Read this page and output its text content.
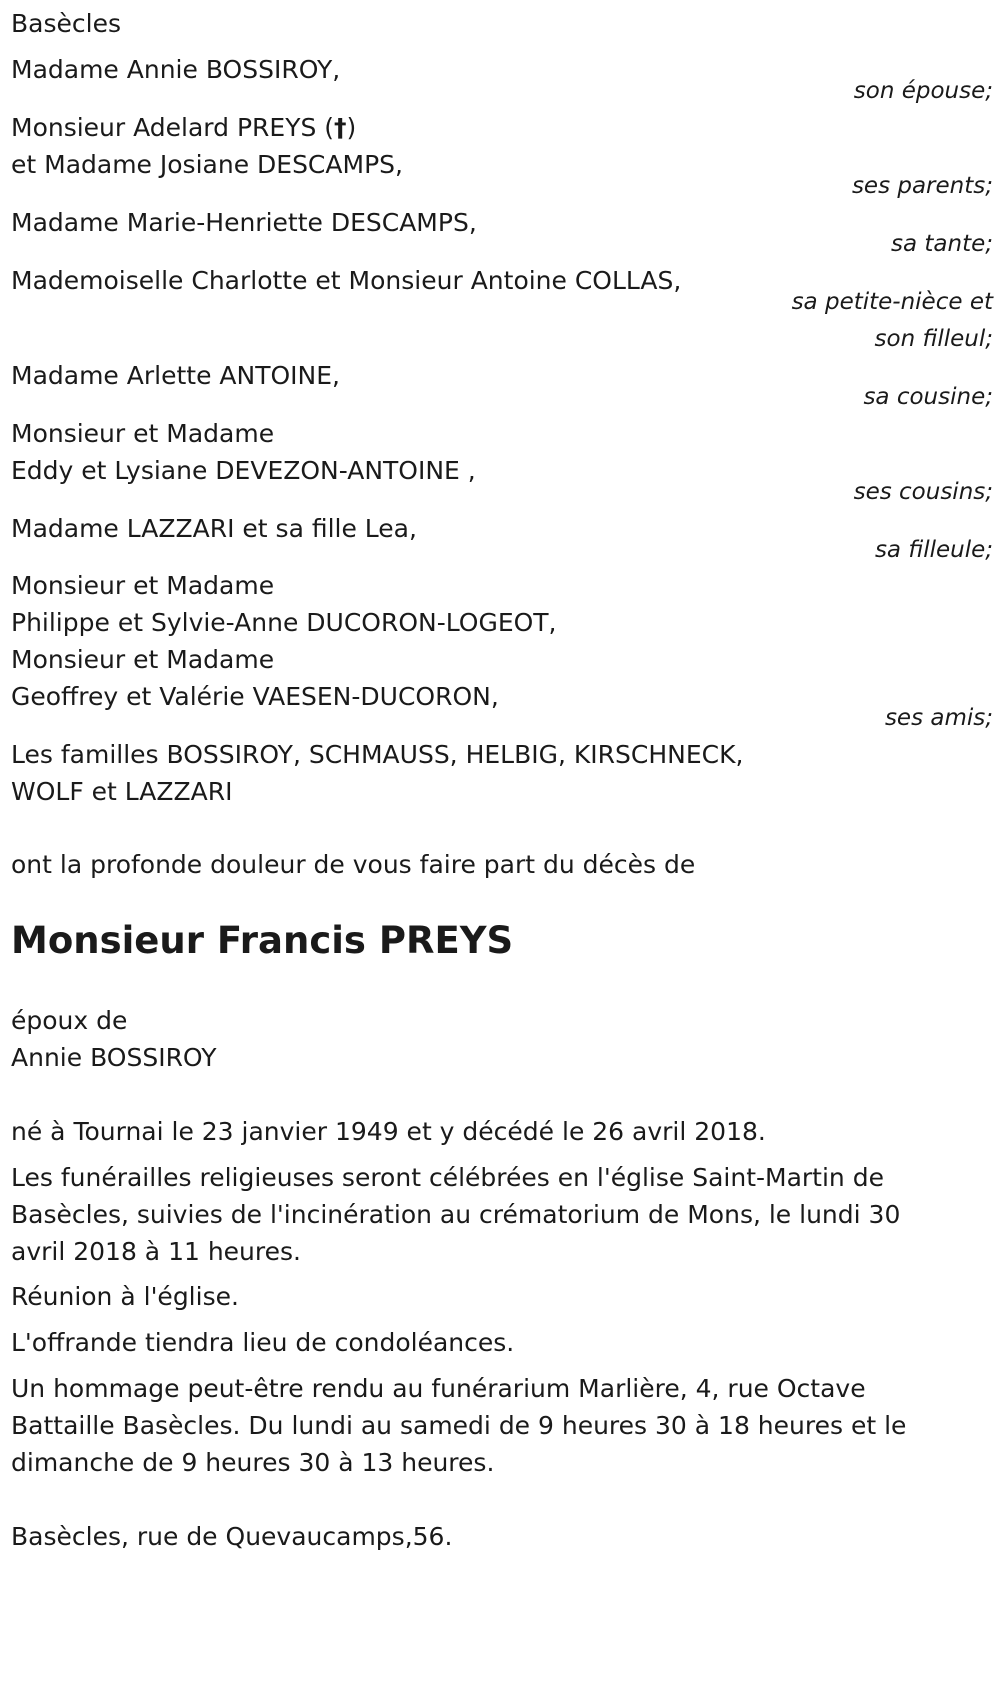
Basècles
Madame Annie BOSSIROY,
son épouse;
Monsieur Adelard PREYS (†)
et Madame Josiane DESCAMPS,
ses parents;
Madame Marie-Henriette DESCAMPS,
sa tante;
Mademoiselle Charlotte et Monsieur Antoine COLLAS,
sa petite-nièce et
son filleul;
Madame Arlette ANTOINE,
sa cousine;
Monsieur et Madame
Eddy et Lysiane DEVEZON-ANTOINE ,
ses cousins;
Madame LAZZARI et sa fille Lea,
sa filleule;
Monsieur et Madame
Philippe et Sylvie-Anne DUCORON-LOGEOT,
Monsieur et Madame
Geoffrey et Valérie VAESEN-DUCORON,
ses amis;
Les familles BOSSIROY, SCHMAUSS, HELBIG, KIRSCHNECK,
WOLF et LAZZARI
ont la profonde douleur de vous faire part du décès de
Monsieur Francis PREYS
époux de
Annie BOSSIROY
né à Tournai le 23 janvier 1949 et y décédé le 26 avril 2018.
Les funérailles religieuses seront célébrées en l'église Saint-Martin de
Basècles, suivies de l'incinération au crématorium de Mons, le lundi 30
avril 2018 à 11 heures.
Réunion à l'église.
L'offrande tiendra lieu de condoléances.
Un hommage peut-être rendu au funérarium Marlière, 4, rue Octave
Battaille Basècles. Du lundi au samedi de 9 heures 30 à 18 heures et le
dimanche de 9 heures 30 à 13 heures.
Basècles, rue de Quevaucamps,56.
